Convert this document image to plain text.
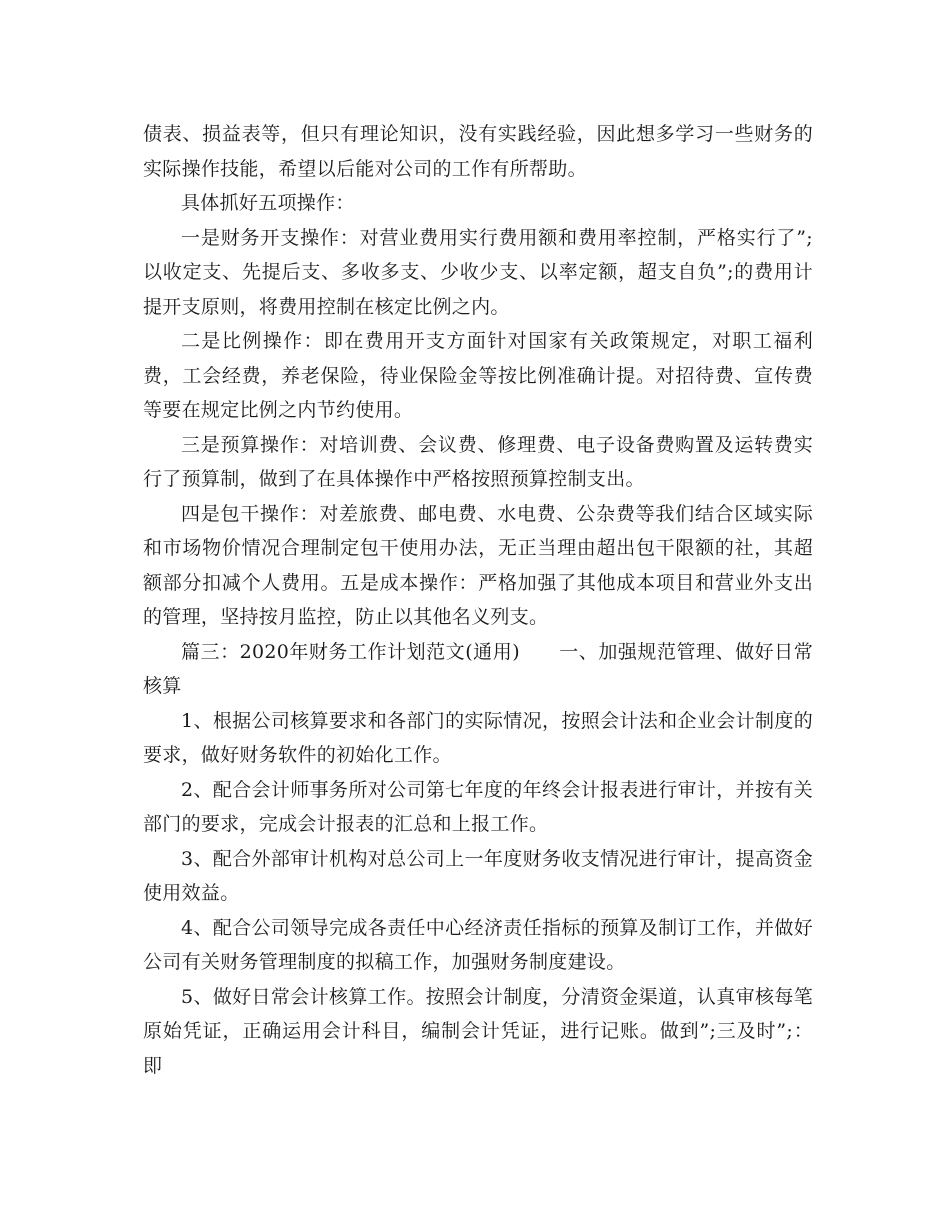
债表、损益表等，但只有理论知识，没有实践经验，因此想多学习一些财务的实际操作技能，希望以后能对公司的工作有所帮助。

具体抓好五项操作：

一是财务开支操作：对营业费用实行费用额和费用率控制，严格实行了”;以收定支、先提后支、多收多支、少收少支、以率定额，超支自负”;的费用计提开支原则，将费用控制在核定比例之内。

二是比例操作：即在费用开支方面针对国家有关政策规定，对职工福利费，工会经费，养老保险，待业保险金等按比例准确计提。对招待费、宣传费等要在规定比例之内节约使用。

三是预算操作：对培训费、会议费、修理费、电子设备费购置及运转费实行了预算制，做到了在具体操作中严格按照预算控制支出。

四是包干操作：对差旅费、邮电费、水电费、公杂费等我们结合区域实际和市场物价情况合理制定包干使用办法，无正当理由超出包干限额的社，其超额部分扣减个人费用。五是成本操作：严格加强了其他成本项目和营业外支出的管理，坚持按月监控，防止以其他名义列支。

篇三：2020年财务工作计划范文(通用)　　一、加强规范管理、做好日常核算

1、根据公司核算要求和各部门的实际情况，按照会计法和企业会计制度的要求，做好财务软件的初始化工作。

2、配合会计师事务所对公司第七年度的年终会计报表进行审计，并按有关部门的要求，完成会计报表的汇总和上报工作。

3、配合外部审计机构对总公司上一年度财务收支情况进行审计，提高资金使用效益。

4、配合公司领导完成各责任中心经济责任指标的预算及制订工作，并做好公司有关财务管理制度的拟稿工作，加强财务制度建设。

5、做好日常会计核算工作。按照会计制度，分清资金渠道，认真审核每笔原始凭证，正确运用会计科目，编制会计凭证，进行记账。做到”;三及时”;：即
